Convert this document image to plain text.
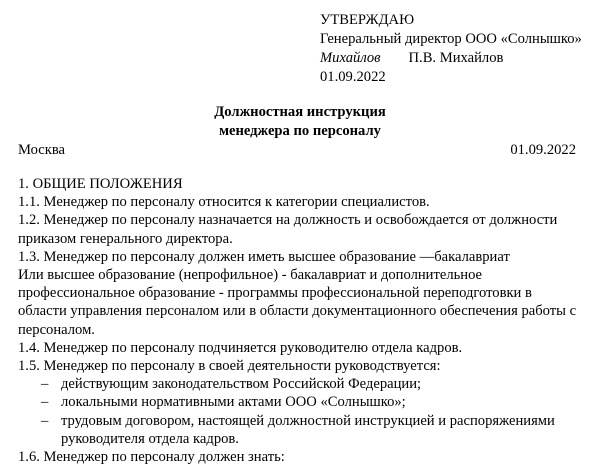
УТВЕРЖДАЮ
Генеральный директор ООО «Солнышко»
Михайлов П.В. Михайлов
01.09.2022
Должностная инструкция
менеджера по персоналу
Москва	01.09.2022

1. ОБЩИЕ ПОЛОЖЕНИЯ

1.1. Менеджер по персоналу относится к категории специалистов.

1.2. Менеджер по персоналу назначается на должность и освобождается от должности приказом генерального директора.

1.3. Менеджер по персоналу должен иметь высшее образование —бакалавриат

Или высшее образование (непрофильное) - бакалавриат и дополнительное профессиональное образование - программы профессиональной переподготовки в области управления персоналом или в области документационного обеспечения работы с персоналом.

1.4. Менеджер по персоналу подчиняется руководителю отдела кадров.

1.5. Менеджер по персоналу в своей деятельности руководствуется:

– действующим законодательством Российской Федерации;
– локальными нормативными актами ООО «Солнышко»;
– трудовым договором, настоящей должностной инструкцией и распоряжениями руководителя отдела кадров.

1.6. Менеджер по персоналу должен знать:
